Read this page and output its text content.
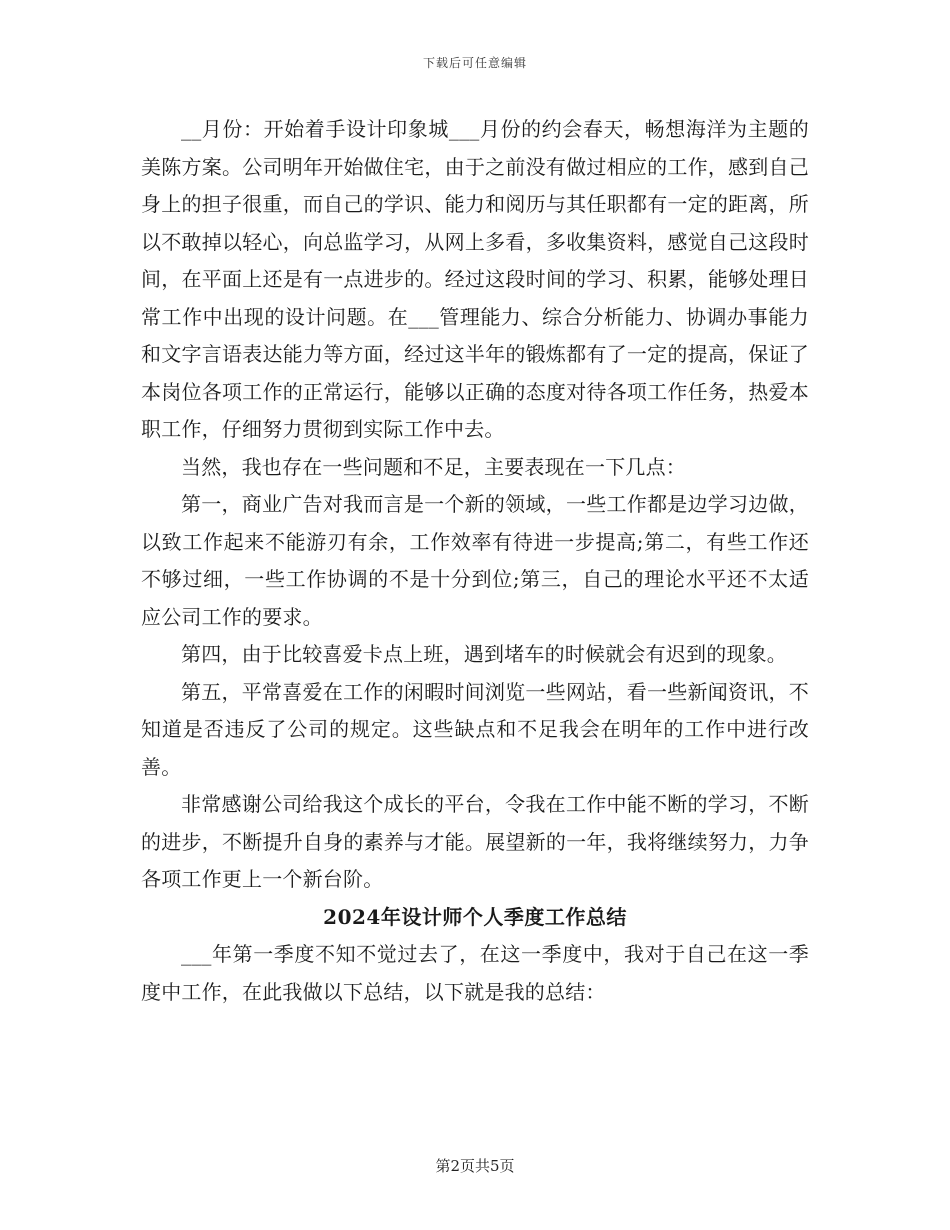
下载后可任意编辑

__月份：开始着手设计印象城___月份的约会春天，畅想海洋为主题的美陈方案。公司明年开始做住宅，由于之前没有做过相应的工作，感到自己身上的担子很重，而自己的学识、能力和阅历与其任职都有一定的距离，所以不敢掉以轻心，向总监学习，从网上多看，多收集资料，感觉自己这段时间，在平面上还是有一点进步的。经过这段时间的学习、积累，能够处理日常工作中出现的设计问题。在___管理能力、综合分析能力、协调办事能力和文字言语表达能力等方面，经过这半年的锻炼都有了一定的提高，保证了本岗位各项工作的正常运行，能够以正确的态度对待各项工作任务，热爱本职工作，仔细努力贯彻到实际工作中去。

当然，我也存在一些问题和不足，主要表现在一下几点：

第一，商业广告对我而言是一个新的领域，一些工作都是边学习边做，以致工作起来不能游刃有余，工作效率有待进一步提高;第二，有些工作还不够过细，一些工作协调的不是十分到位;第三，自己的理论水平还不太适应公司工作的要求。

第四，由于比较喜爱卡点上班，遇到堵车的时候就会有迟到的现象。

第五，平常喜爱在工作的闲暇时间浏览一些网站，看一些新闻资讯，不知道是否违反了公司的规定。这些缺点和不足我会在明年的工作中进行改善。

非常感谢公司给我这个成长的平台，令我在工作中能不断的学习，不断的进步，不断提升自身的素养与才能。展望新的一年，我将继续努力，力争各项工作更上一个新台阶。

2024年设计师个人季度工作总结

___年第一季度不知不觉过去了，在这一季度中，我对于自己在这一季度中工作，在此我做以下总结，以下就是我的总结：

第2页共5页
